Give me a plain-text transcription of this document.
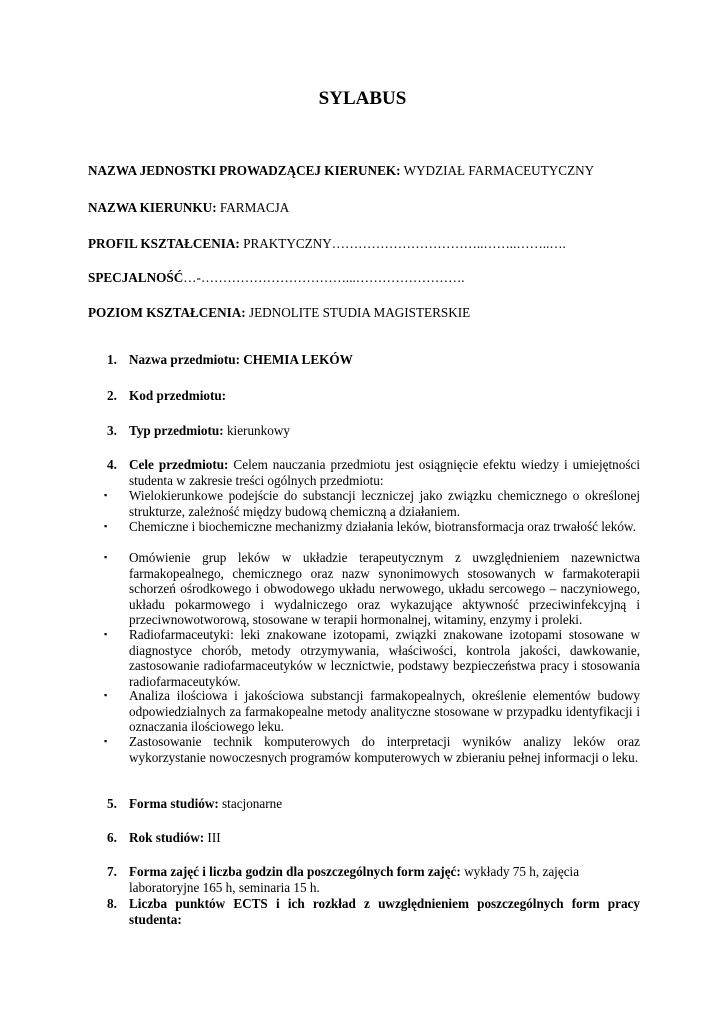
SYLABUS
NAZWA JEDNOSTKI PROWADZĄCEJ KIERUNEK: WYDZIAŁ FARMACEUTYCZNY
NAZWA KIERUNKU: FARMACJA
PROFIL KSZTAŁCENIA: PRAKTYCZNY……………………………..……..……..….
SPECJALNOŚĆ…-……………………………...…………………….
POZIOM KSZTAŁCENIA: JEDNOLITE STUDIA MAGISTERSKIE
1. Nazwa przedmiotu: CHEMIA LEKÓW
2. Kod przedmiotu:
3. Typ przedmiotu: kierunkowy
4. Cele przedmiotu: Celem nauczania przedmiotu jest osiągnięcie efektu wiedzy i umiejętności studenta w zakresie treści ogólnych przedmiotu:
▪ Wielokierunkowe podejście do substancji leczniczej jako związku chemicznego o określonej strukturze, zależność między budową chemiczną a działaniem.
▪ Chemiczne i biochemiczne mechanizmy działania leków, biotransformacja oraz trwałość leków.
▪ Omówienie grup leków w układzie terapeutycznym z uwzględnieniem nazewnictwa farmakopealnego, chemicznego oraz nazw synonimowych stosowanych w farmakoterapii schorzeń ośrodkowego i obwodowego układu nerwowego, układu sercowego – naczyniowego, układu pokarmowego i wydalniczego oraz wykazujące aktywność przeciwinfekcyjną i przeciwnowotworową, stosowane w terapii hormonalnej, witaminy, enzymy i proleki.
▪ Radiofarmaceutyki: leki znakowane izotopami, związki znakowane izotopami stosowane w diagnostyce chorób, metody otrzymywania, właściwości, kontrola jakości, dawkowanie, zastosowanie radiofarmaceutyków w lecznictwie, podstawy bezpieczeństwa pracy i stosowania radiofarmaceutyków.
▪ Analiza ilościowa i jakościowa substancji farmakopealnych, określenie elementów budowy odpowiedzialnych za farmakopealne metody analityczne stosowane w przypadku identyfikacji i oznaczania ilościowego leku.
▪ Zastosowanie technik komputerowych do interpretacji wyników analizy leków oraz wykorzystanie nowoczesnych programów komputerowych w zbieraniu pełnej informacji o leku.
5. Forma studiów: stacjonarne
6. Rok studiów: III
7. Forma zajęć i liczba godzin dla poszczególnych form zajęć: wykłady 75 h, zajęcia laboratoryjne 165 h, seminaria 15 h.
8. Liczba punktów ECTS i ich rozkład z uwzględnieniem poszczególnych form pracy studenta:
